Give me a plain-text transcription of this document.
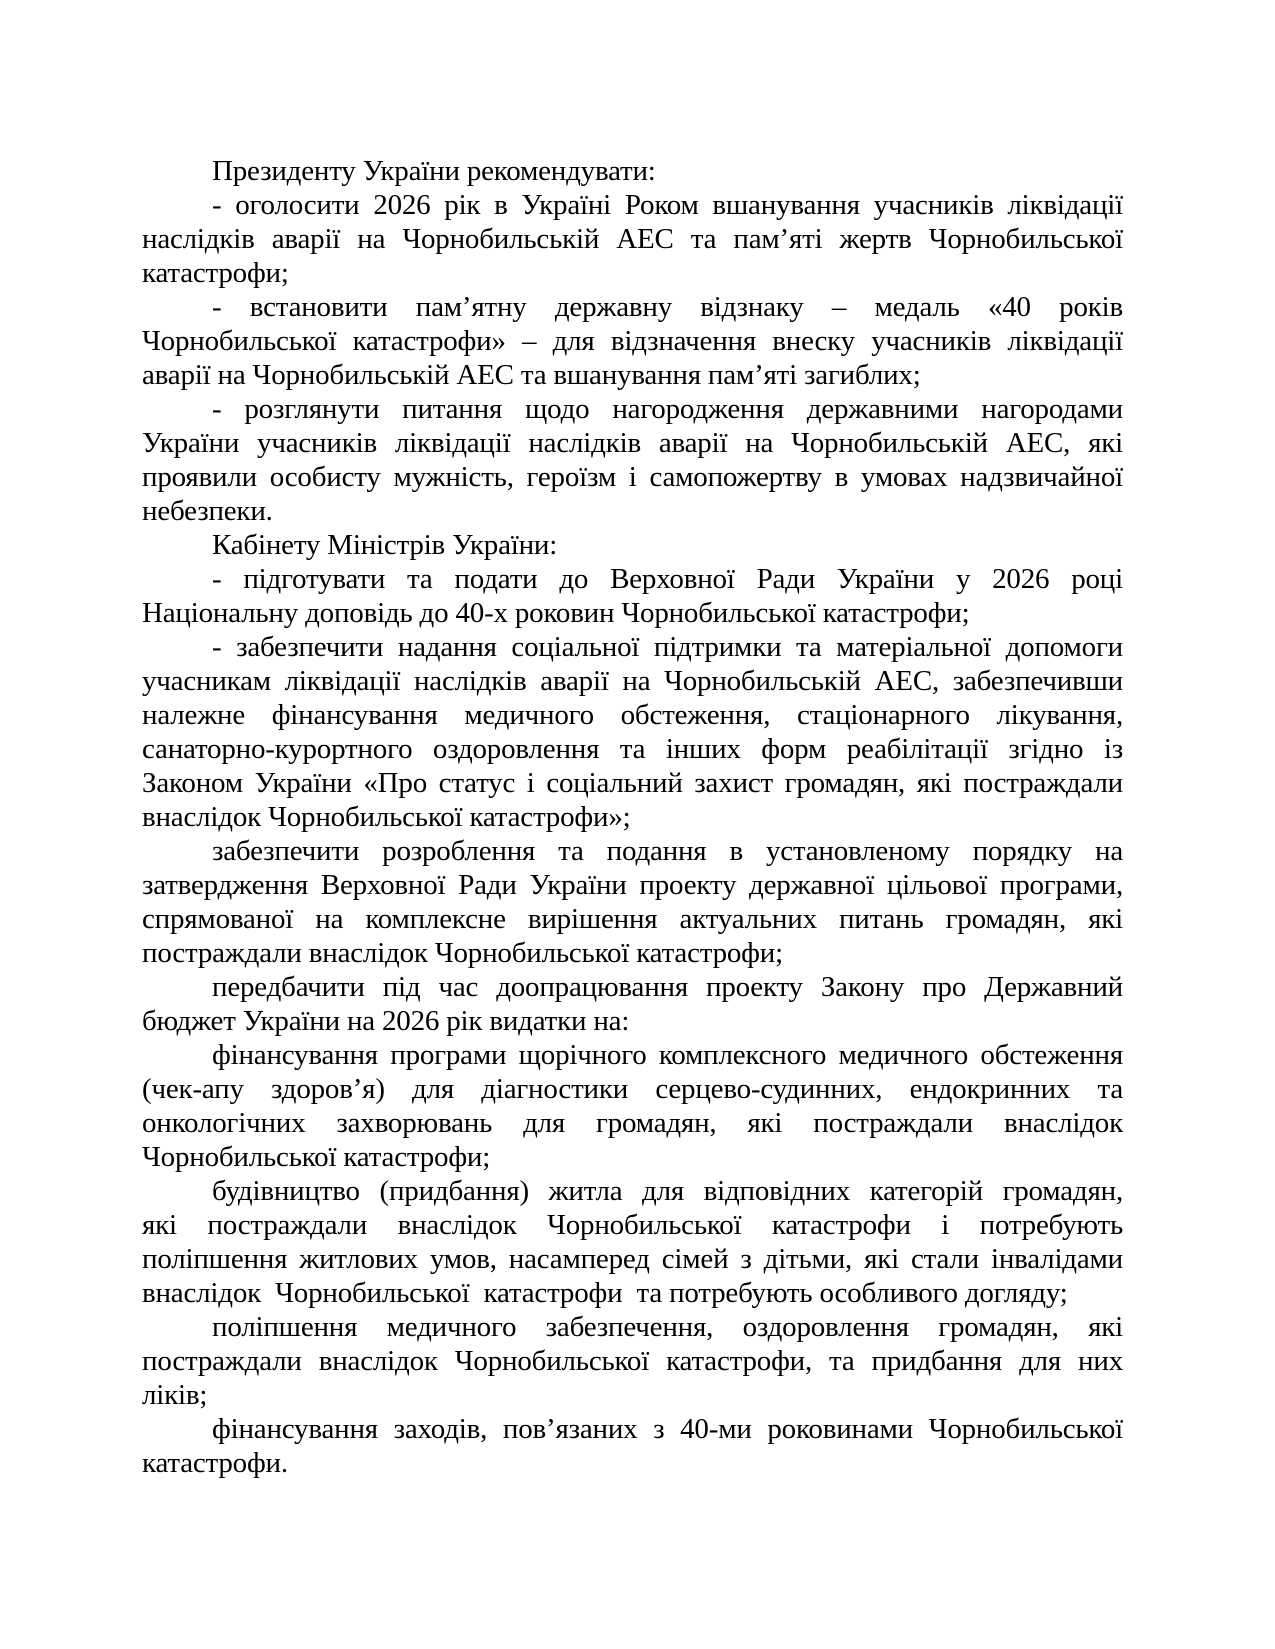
Президенту України рекомендувати:
- оголосити 2026 рік в Україні Роком вшанування учасників ліквідації
наслідків аварії на Чорнобильській АЕС та пам’яті жертв Чорнобильської
катастрофи;
- встановити пам’ятну державну відзнаку – медаль «40 років
Чорнобильської катастрофи» – для відзначення внеску учасників ліквідації
аварії на Чорнобильській АЕС та вшанування пам’яті загиблих;
- розглянути питання щодо нагородження державними нагородами
України учасників ліквідації наслідків аварії на Чорнобильській АЕС, які
проявили особисту мужність, героїзм і самопожертву в умовах надзвичайної
небезпеки.
Кабінету Міністрів України:
- підготувати та подати до Верховної Ради України у 2026 році
Національну доповідь до 40-х роковин Чорнобильської катастрофи;
- забезпечити надання соціальної підтримки та матеріальної допомоги
учасникам ліквідації наслідків аварії на Чорнобильській АЕС, забезпечивши
належне фінансування медичного обстеження, стаціонарного лікування,
санаторно-курортного оздоровлення та інших форм реабілітації згідно із
Законом України «Про статус і соціальний захист громадян, які постраждали
внаслідок Чорнобильської катастрофи»;
забезпечити розроблення та подання в установленому порядку на
затвердження Верховної Ради України проекту державної цільової програми,
спрямованої на комплексне вирішення актуальних питань громадян, які
постраждали внаслідок Чорнобильської катастрофи;
передбачити під час доопрацювання проекту Закону про Державний
бюджет України на 2026 рік видатки на:
фінансування програми щорічного комплексного медичного обстеження
(чек-апу здоров’я) для діагностики серцево-судинних, ендокринних та
онкологічних захворювань для громадян, які постраждали внаслідок
Чорнобильської катастрофи;
будівництво (придбання) житла для відповідних категорій громадян,
які постраждали внаслідок Чорнобильської катастрофи і потребують
поліпшення житлових умов, насамперед сімей з дітьми, які стали інвалідами
внаслідок  Чорнобильської  катастрофи  та потребують особливого догляду;
поліпшення медичного забезпечення, оздоровлення громадян, які
постраждали внаслідок Чорнобильської катастрофи, та придбання для них
ліків;
фінансування заходів, пов’язаних з 40-ми роковинами Чорнобильської
катастрофи.
